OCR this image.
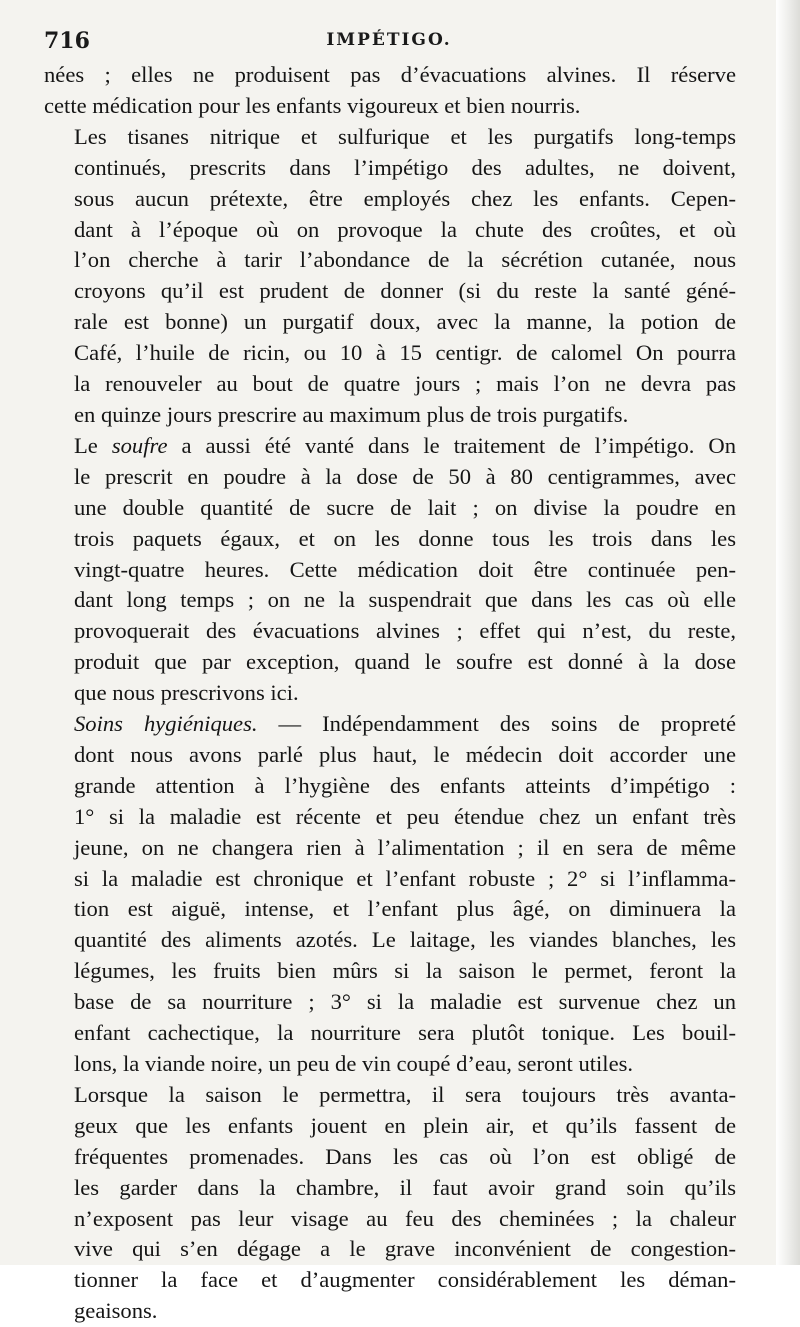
716	IMPÉTIGO.
nées ; elles ne produisent pas d’évacuations alvines. Il réserve
cette médication pour les enfants vigoureux et bien nourris.
Les tisanes nitrique et sulfurique et les purgatifs long-temps
continués, prescrits dans l’impétigo des adultes, ne doivent,
sous aucun prétexte, être employés chez les enfants. Cepen-
dant à l’époque où on provoque la chute des croûtes, et où
l’on cherche à tarir l’abondance de la sécrétion cutanée, nous
croyons qu’il est prudent de donner (si du reste la santé géné-
rale est bonne) un purgatif doux, avec la manne, la potion de
Café, l’huile de ricin, ou 10 à 15 centigr. de calomel On pourra
la renouveler au bout de quatre jours ; mais l’on ne devra pas
en quinze jours prescrire au maximum plus de trois purgatifs.
Le soufre a aussi été vanté dans le traitement de l’impétigo. On
le prescrit en poudre à la dose de 50 à 80 centigrammes, avec
une double quantité de sucre de lait ; on divise la poudre en
trois paquets égaux, et on les donne tous les trois dans les
vingt-quatre heures. Cette médication doit être continuée pen-
dant long temps ; on ne la suspendrait que dans les cas où elle
provoquerait des évacuations alvines ; effet qui n’est, du reste,
produit que par exception, quand le soufre est donné à la dose
que nous prescrivons ici.
Soins hygiéniques. — Indépendamment des soins de propreté
dont nous avons parlé plus haut, le médecin doit accorder une
grande attention à l’hygiène des enfants atteints d’impétigo :
1° si la maladie est récente et peu étendue chez un enfant très
jeune, on ne changera rien à l’alimentation ; il en sera de même
si la maladie est chronique et l’enfant robuste ; 2° si l’inflamma-
tion est aiguë, intense, et l’enfant plus âgé, on diminuera la
quantité des aliments azotés. Le laitage, les viandes blanches, les
légumes, les fruits bien mûrs si la saison le permet, feront la
base de sa nourriture ; 3° si la maladie est survenue chez un
enfant cachectique, la nourriture sera plutôt tonique. Les bouil-
lons, la viande noire, un peu de vin coupé d’eau, seront utiles.
Lorsque la saison le permettra, il sera toujours très avanta-
geux que les enfants jouent en plein air, et qu’ils fassent de
fréquentes promenades. Dans les cas où l’on est obligé de
les garder dans la chambre, il faut avoir grand soin qu’ils
n’exposent pas leur visage au feu des cheminées ; la chaleur
vive qui s’en dégage a le grave inconvénient de congestion-
tionner la face et d’augmenter considérablement les déman-
geaisons.
